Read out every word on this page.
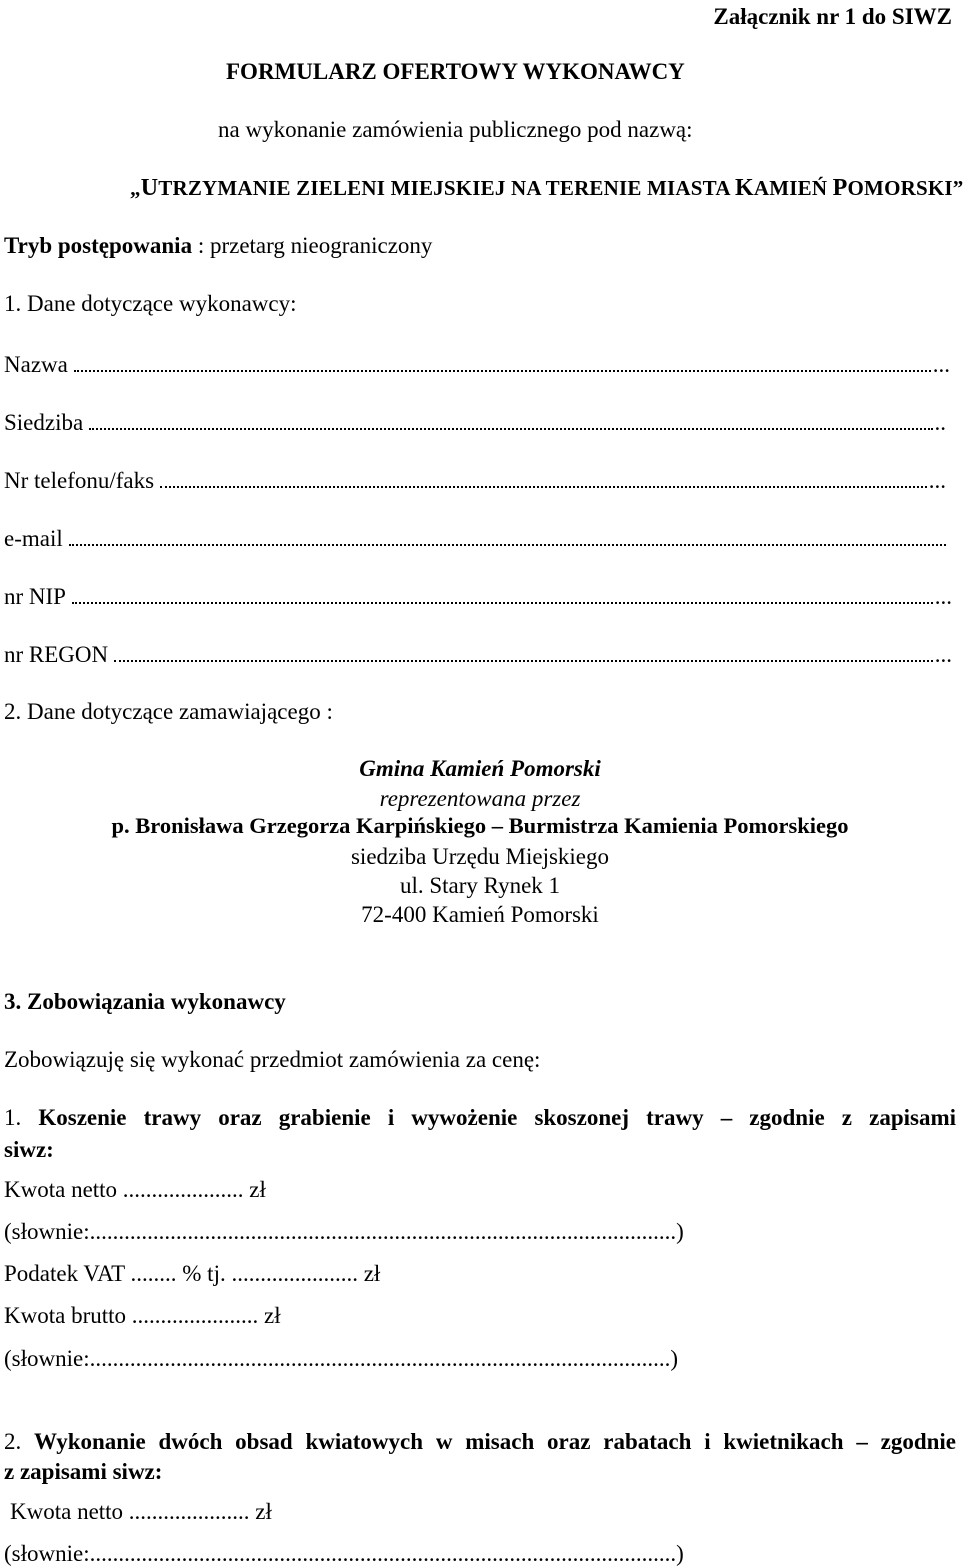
Załącznik nr 1 do SIWZ
FORMULARZ OFERTOWY WYKONAWCY
na wykonanie zamówienia publicznego pod nazwą:
„UTRZYMANIE ZIELENI MIEJSKIEJ NA TERENIE MIASTA KAMIEŃ POMORSKI”
Tryb postępowania : przetarg nieograniczony
1. Dane dotyczące wykonawcy:
Nazwa	...
Siedziba	..
Nr telefonu/faks	...
e-mail
nr NIP	...
nr REGON	...
2. Dane dotyczące zamawiającego :
Gmina Kamień Pomorski
reprezentowana przez
p. Bronisława Grzegorza Karpińskiego – Burmistrza Kamienia Pomorskiego
siedziba Urzędu Miejskiego
ul. Stary Rynek 1
72-400 Kamień Pomorski
3. Zobowiązania wykonawcy
Zobowiązuję się wykonać przedmiot zamówienia za cenę:
1. Koszenie trawy oraz grabienie i wywożenie skoszonej trawy – zgodnie z zapisami
siwz:
Kwota netto ..................... zł
(słownie:......................................................................................................)
Podatek VAT ........ % tj. ...................... zł
Kwota brutto ...................... zł
(słownie:.....................................................................................................)
2. Wykonanie dwóch obsad kwiatowych w misach oraz rabatach i kwietnikach – zgodnie
z zapisami siwz:
Kwota netto ..................... zł
(słownie:......................................................................................................)
